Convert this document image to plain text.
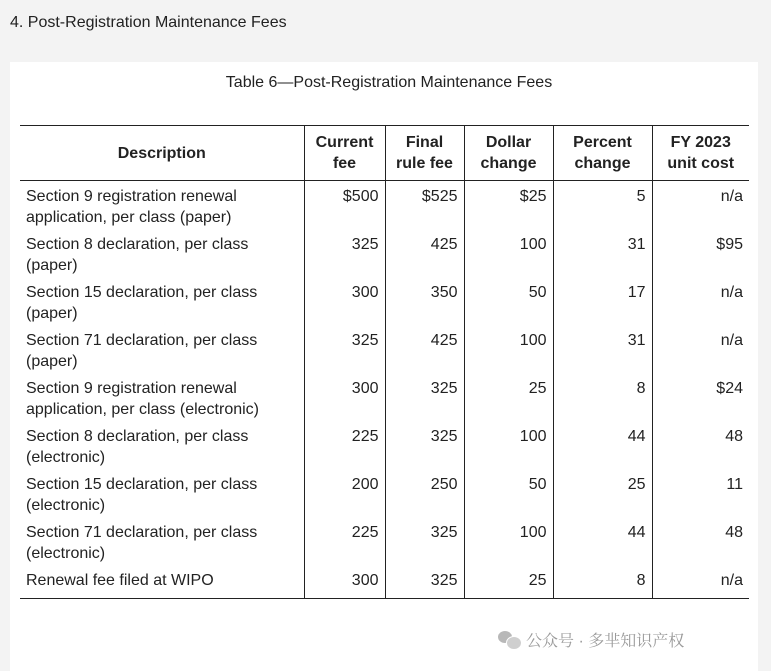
4. Post-Registration Maintenance Fees
Table 6—Post-Registration Maintenance Fees
Description	Current fee	Final rule fee	Dollar change	Percent change	FY 2023 unit cost
Section 9 registration renewal application, per class (paper)	$500	$525	$25	5	n/a
Section 8 declaration, per class (paper)	325	425	100	31	$95
Section 15 declaration, per class (paper)	300	350	50	17	n/a
Section 71 declaration, per class (paper)	325	425	100	31	n/a
Section 9 registration renewal application, per class (electronic)	300	325	25	8	$24
Section 8 declaration, per class (electronic)	225	325	100	44	48
Section 15 declaration, per class (electronic)	200	250	50	25	11
Section 71 declaration, per class (electronic)	225	325	100	44	48
Renewal fee filed at WIPO	300	325	25	8	n/a
公众号 · 多芈知识产权
